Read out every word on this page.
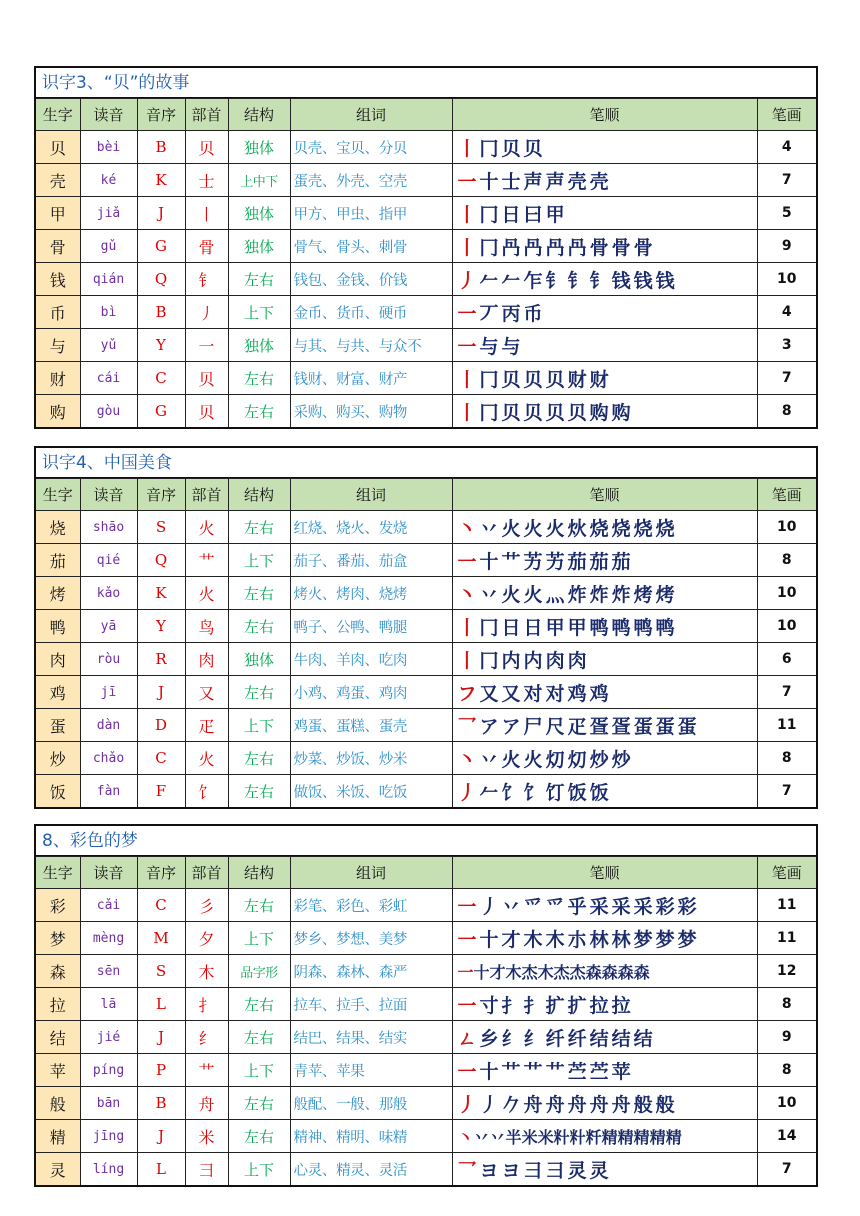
识字3、“贝”的故事
生字	读音	音序	部首	结构	组词	笔顺	笔画
贝	bèi	B	贝	独体	贝壳、宝贝、分贝	丨冂贝贝	4
壳	ké	K	士	上中下	蛋壳、外壳、空壳	一十士声声壳壳	7
甲	jiǎ	J	丨	独体	甲方、甲虫、指甲	丨冂日曰甲	5
骨	gǔ	G	骨	独体	骨气、骨头、刺骨	丨冂冎冎冎冎骨骨骨	9
钱	qián	Q	钅	左右	钱包、金钱、价钱	丿𠂉𠂉乍钅钅钅钱钱钱	10
币	bì	B	丿	上下	金币、货币、硬币	一丆丙币	4
与	yǔ	Y	一	独体	与其、与共、与众不	一与与	3
财	cái	C	贝	左右	钱财、财富、财产	丨冂贝贝贝财财	7
购	gòu	G	贝	左右	采购、购买、购物	丨冂贝贝贝贝购购	8
识字4、中国美食
生字	读音	音序	部首	结构	组词	笔顺	笔画
烧	shāo	S	火	左右	红烧、烧火、发烧	丶丷火火火炏烧烧烧烧	10
茄	qié	Q	艹	上下	茄子、番茄、茄盒	一十艹艻艻茄茄茄	8
烤	kǎo	K	火	左右	烤火、烤肉、烧烤	丶丷火火灬炸炸炸烤烤	10
鸭	yā	Y	鸟	左右	鸭子、公鸭、鸭腿	丨冂日日甲甲鸭鸭鸭鸭	10
肉	ròu	R	肉	独体	牛肉、羊肉、吃肉	丨冂内内肉肉	6
鸡	jī	J	又	左右	小鸡、鸡蛋、鸡肉	フ又又对对鸡鸡	7
蛋	dàn	D	疋	上下	鸡蛋、蛋糕、蛋壳	乛アア尸尺疋疍疍蛋蛋蛋	11
炒	chǎo	C	火	左右	炒菜、炒饭、炒米	丶丷火火灱灱炒炒	8
饭	fàn	F	饣	左右	做饭、米饭、吃饭	丿𠂉饣饣饤饭饭	7
8、彩色的梦
生字	读音	音序	部首	结构	组词	笔顺	笔画
彩	cǎi	C	彡	左右	彩笔、彩色、彩虹	一丿丷爫爫乎采采采彩彩	11
梦	mèng	M	夕	上下	梦乡、梦想、美梦	一十才木木朩林林梦梦梦	11
森	sēn	S	木	品字形	阴森、森林、森严	一十才木杰木杰杰森森森森	12
拉	lā	L	扌	左右	拉车、拉手、拉面	一寸扌扌扩扩拉拉	8
结	jié	J	纟	左右	结巴、结果、结实	ㄥ乡纟纟纤纤结结结	9
苹	píng	P	艹	上下	青苹、苹果	一十艹艹艹苎苎苹	8
般	bān	B	舟	左右	般配、一般、那般	丿丿𠂊舟舟舟舟舟般般	10
精	jīng	J	米	左右	精神、精明、味精	丶丷丷半米米籵籵粁精精精精精	14
灵	líng	L	彐	上下	心灵、精灵、灵活	乛ヨヨ彐彐灵灵	7
